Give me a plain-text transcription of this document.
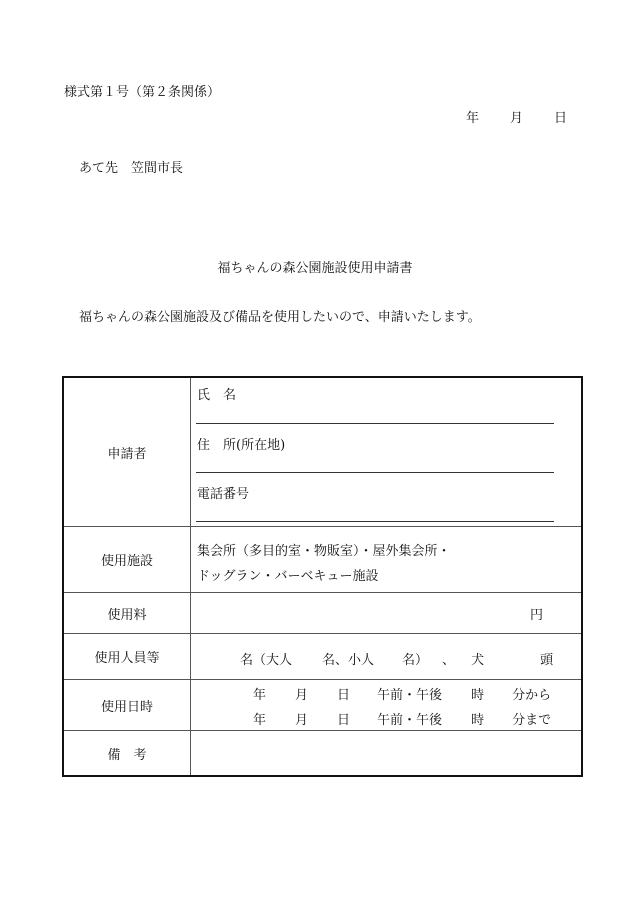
様式第１号（第２条関係）
年 月 日
あて先　笠間市長
福ちゃんの森公園施設使用申請書
福ちゃんの森公園施設及び備品を使用したいので、申請いたします。
申請者	氏　名
住　所(所在地)
電話番号

使用施設	集会所（多目的室・物販室）・屋外集会所・
ドッグラン・バーベキュー施設

使用料	円

使用人員等	名（大人 名、小人 名） 、 犬 頭

使用日時	年 月 日 午前・午後 時 分から
年 月 日 午前・午後 時 分まで

備　考	
